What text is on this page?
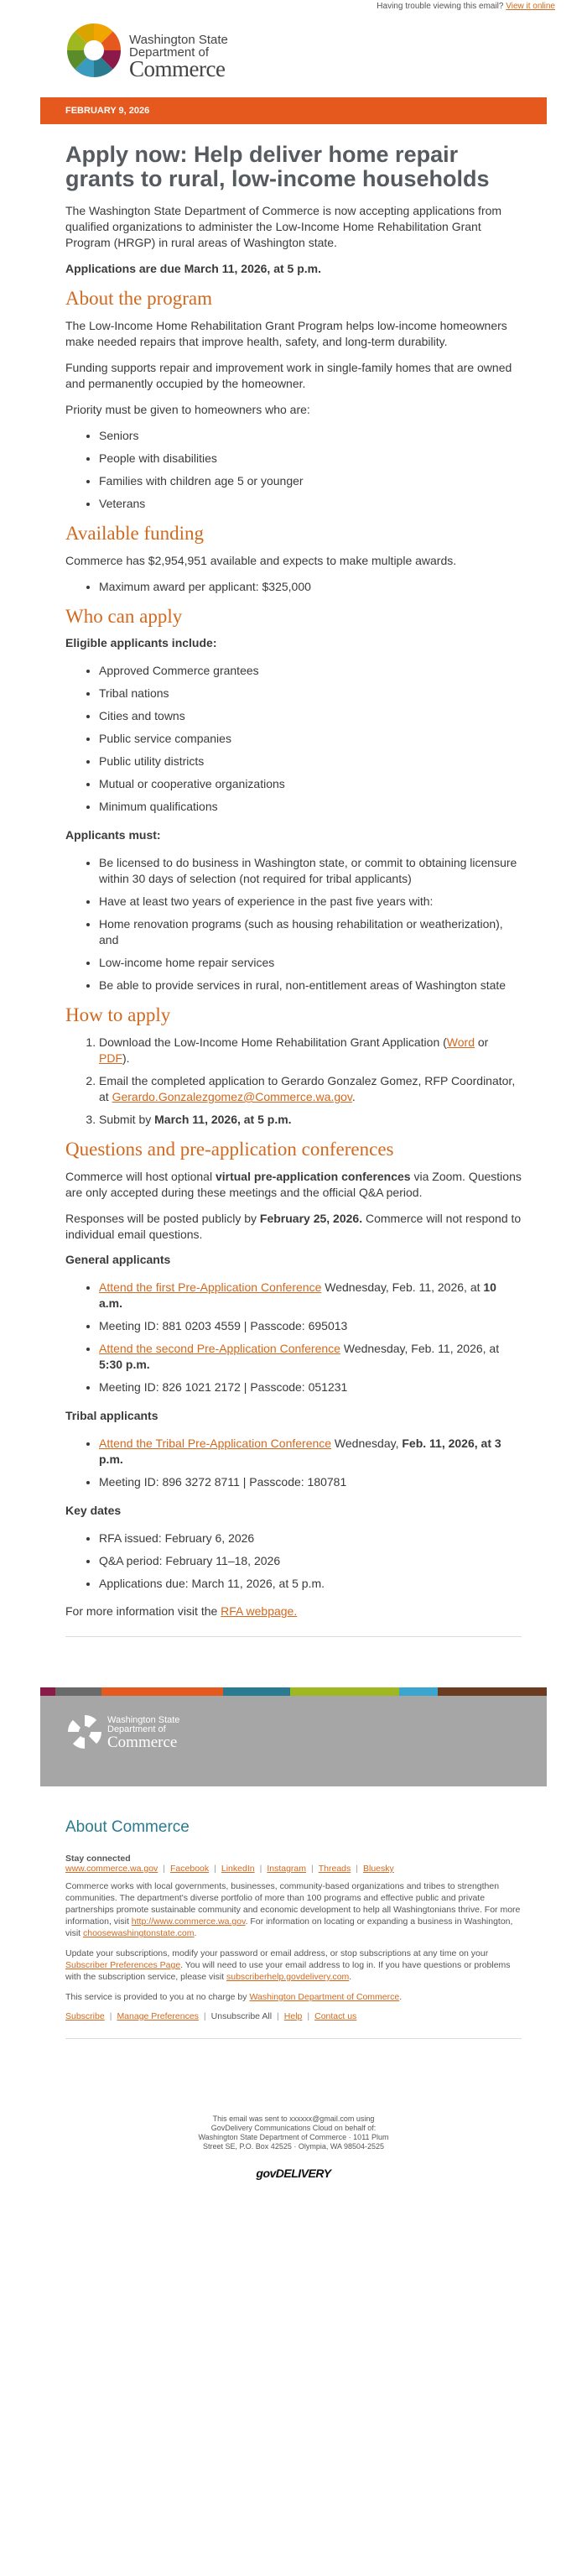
Having trouble viewing this email? View it online
Washington State
Department of
Commerce
FEBRUARY 9, 2026
Apply now: Help deliver home repair grants to rural, low-income households

The Washington State Department of Commerce is now accepting applications from qualified organizations to administer the Low-Income Home Rehabilitation Grant Program (HRGP) in rural areas of Washington state.

Applications are due March 11, 2026, at 5 p.m.

About the program

The Low-Income Home Rehabilitation Grant Program helps low-income homeowners make needed repairs that improve health, safety, and long-term durability.

Funding supports repair and improvement work in single-family homes that are owned and permanently occupied by the homeowner.

Priority must be given to homeowners who are:

• Seniors
• People with disabilities
• Families with children age 5 or younger
• Veterans
Available funding

Commerce has $2,954,951 available and expects to make multiple awards.

• Maximum award per applicant: $325,000
Who can apply
Eligible applicants include:
• Approved Commerce grantees
• Tribal nations
• Cities and towns
• Public service companies
• Public utility districts
• Mutual or cooperative organizations
• Minimum qualifications
Applicants must:
• Be licensed to do business in Washington state, or commit to obtaining licensure within 30 days of selection (not required for tribal applicants)
• Have at least two years of experience in the past five years with:
• Home renovation programs (such as housing rehabilitation or weatherization), and
• Low-income home repair services
• Be able to provide services in rural, non-entitlement areas of Washington state
How to apply
1. Download the Low-Income Home Rehabilitation Grant Application (Word or PDF).
2. Email the completed application to Gerardo Gonzalez Gomez, RFP Coordinator, at Gerardo.Gonzalezgomez@Commerce.wa.gov.
3. Submit by March 11, 2026, at 5 p.m.
Questions and pre-application conferences

Commerce will host optional virtual pre-application conferences via Zoom. Questions are only accepted during these meetings and the official Q&A period.

Responses will be posted publicly by February 25, 2026. Commerce will not respond to individual email questions.

General applicants
• Attend the first Pre-Application Conference Wednesday, Feb. 11, 2026, at 10 a.m.
• Meeting ID: 881 0203 4559 | Passcode: 695013
• Attend the second Pre-Application Conference Wednesday, Feb. 11, 2026, at 5:30 p.m.
• Meeting ID: 826 1021 2172 | Passcode: 051231
Tribal applicants
• Attend the Tribal Pre-Application Conference Wednesday, Feb. 11, 2026, at 3 p.m.
• Meeting ID: 896 3272 8711 | Passcode: 180781
Key dates
• RFA issued: February 6, 2026
• Q&A period: February 11–18, 2026
• Applications due: March 11, 2026, at 5 p.m.

For more information visit the RFA webpage.

Washington State
Department of
Commerce
About Commerce
Stay connected
www.commerce.wa.gov | Facebook | LinkedIn | Instagram | Threads | Bluesky

Commerce works with local governments, businesses, community-based organizations and tribes to strengthen communities. The department's diverse portfolio of more than 100 programs and effective public and private partnerships promote sustainable community and economic development to help all Washingtonians thrive. For more information, visit http://www.commerce.wa.gov. For information on locating or expanding a business in Washington, visit choosewashingtonstate.com.

Update your subscriptions, modify your password or email address, or stop subscriptions at any time on your Subscriber Preferences Page. You will need to use your email address to log in. If you have questions or problems with the subscription service, please visit subscriberhelp.govdelivery.com.

This service is provided to you at no charge by Washington Department of Commerce.

Subscribe | Manage Preferences | Unsubscribe All | Help | Contact us
This email was sent to xxxxxx@gmail.com using GovDelivery Communications Cloud on behalf of: Washington State Department of Commerce · 1011 Plum Street SE, P.O. Box 42525 · Olympia, WA 98504-2525
govDELIVERY
